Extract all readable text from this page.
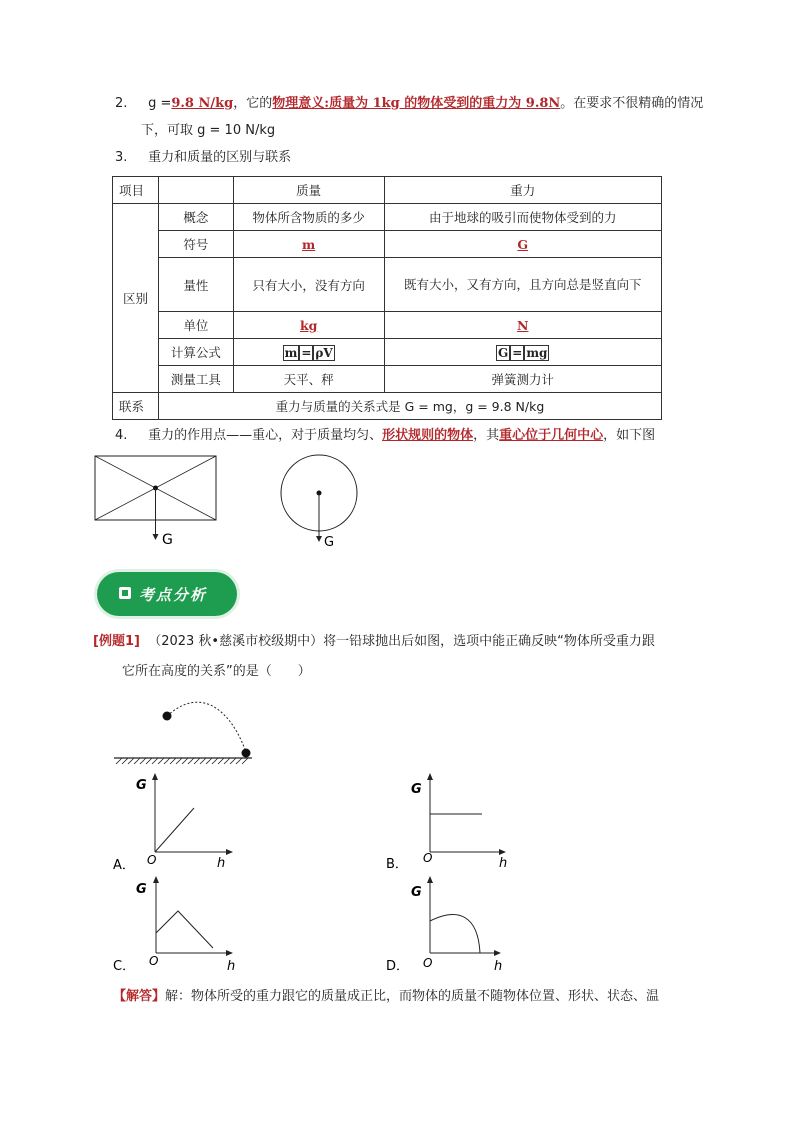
2. g =9.8 N/kg，它的物理意义:质量为 1kg 的物体受到的重力为 9.8N。在要求不很精确的情况
下，可取 g = 10 N/kg
3. 重力和质量的区别与联系
项目		质量	重力
区别	概念	物体所含物质的多少	由于地球的吸引而使物体受到的力
	符号	m	G
	量性	只有大小，没有方向	既有大小，又有方向，且方向总是竖直向下
	单位	kg	N
	计算公式	m = ρV	G = mg
	测量工具	天平、秤	弹簧测力计
联系	重力与质量的关系式是 G = mg，g = 9.8 N/kg		
4. 重力的作用点——重心，对于质量均匀、形状规则的物体，其重心位于几何中心，如下图
G	G
考点分析
[例题1] （2023 秋•慈溪市校级期中）将一铅球抛出后如图，选项中能正确反映“物体所受重力跟
它所在高度的关系”的是（　　）
G
O	h
A．
G
O	h
B．
G
O	h
C．
G
O	h
D．
【解答】解：物体所受的重力跟它的质量成正比，而物体的质量不随物体位置、形状、状态、温
